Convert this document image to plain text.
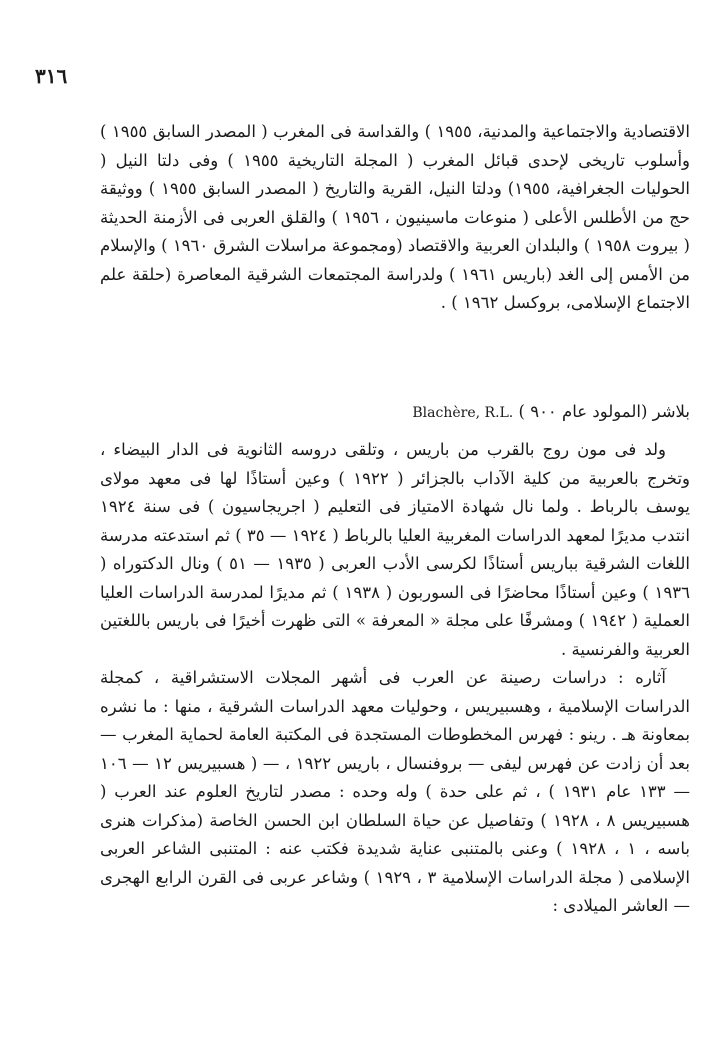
٣١٦

الاقتصادية والاجتماعية والمدنية، ١٩٥٥ ) والقداسة فى المغرب ( المصدر السابق ١٩٥٥ ) وأسلوب تاريخى لإحدى قبائل المغرب ( المجلة التاريخية ١٩٥٥ ) وفى دلتا النيل ( الحوليات الجغرافية، ١٩٥٥) ودلتا النيل، القرية والتاريخ ( المصدر السابق ١٩٥٥ ) ووثيقة حج من الأطلس الأعلى ( منوعات ماسينيون ، ١٩٥٦ ) والقلق العربى فى الأزمنة الحديثة ( بيروت ١٩٥٨ ) والبلدان العربية والاقتصاد (ومجموعة مراسلات الشرق ١٩٦٠ ) والإسلام من الأمس إلى الغد (باريس ١٩٦١ ) ولدراسة المجتمعات الشرقية المعاصرة (حلقة علم الاجتماع الإسلامى، بروكسل ١٩٦٢ ) .

بلاشر (المولود عام ٩٠٠ ) Blachère, R.L.

ولد فى مون روج بالقرب من باريس ، وتلقى دروسه الثانوية فى الدار البيضاء ، وتخرج بالعربية من كلية الآداب بالجزائر ( ١٩٢٢ ) وعين أستاذًا لها فى معهد مولاى يوسف بالرباط . ولما نال شهادة الامتياز فى التعليم ( اجريجاسيون ) فى سنة ١٩٢٤ انتدب مديرًا لمعهد الدراسات المغربية العليا بالرباط ( ١٩٢٤ — ٣٥ ) ثم استدعته مدرسة اللغات الشرقية بباريس أستاذًا لكرسى الأدب العربى ( ١٩٣٥ — ٥١ ) ونال الدكتوراه ( ١٩٣٦ ) وعين أستاذًا محاضرًا فى السوربون ( ١٩٣٨ ) ثم مديرًا لمدرسة الدراسات العليا العملية ( ١٩٤٢ ) ومشرفًا على مجلة « المعرفة » التى ظهرت أخيرًا فى باريس باللغتين العربية والفرنسية .

آثاره : دراسات رصينة عن العرب فى أشهر المجلات الاستشراقية ، كمجلة الدراسات الإسلامية ، وهسبيريس ، وحوليات معهد الدراسات الشرقية ، منها : ما نشره بمعاونة هـ . رينو : فهرس المخطوطات المستجدة فى المكتبة العامة لحماية المغرب — بعد أن زادت عن فهرس ليفى — بروفنسال ، باريس ١٩٢٢ ، — ( هسبيريس ١٢ — ١٠٦ — ١٣٣ عام ١٩٣١ ) ، ثم على حدة ) وله وحده : مصدر لتاريخ العلوم عند العرب ( هسبيريس ٨ ، ١٩٢٨ ) وتفاصيل عن حياة السلطان ابن الحسن الخاصة (مذكرات هنرى باسه ، ١ ، ١٩٢٨ ) وعنى بالمتنبى عناية شديدة فكتب عنه : المتنبى الشاعر العربى الإسلامى ( مجلة الدراسات الإسلامية ٣ ، ١٩٢٩ ) وشاعر عربى فى القرن الرابع الهجرى — العاشر الميلادى :
